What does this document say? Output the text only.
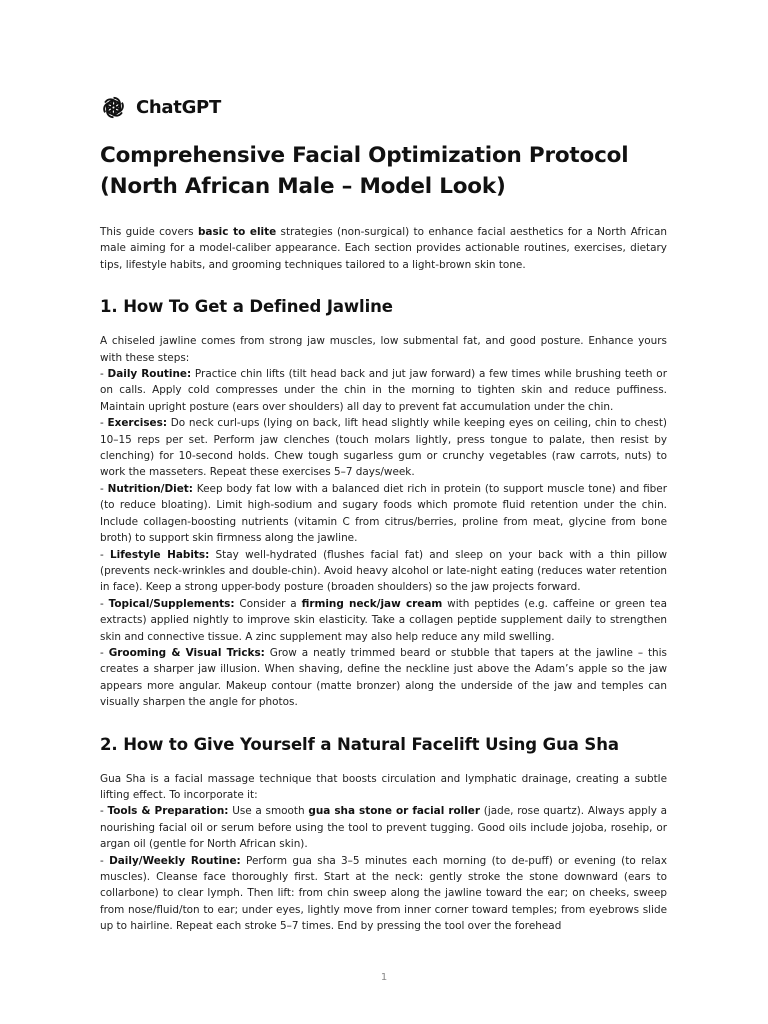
ChatGPT
Comprehensive Facial Optimization Protocol
(North African Male – Model Look)

This guide covers basic to elite strategies (non-surgical) to enhance facial aesthetics for a North African male aiming for a model-caliber appearance. Each section provides actionable routines, exercises, dietary tips, lifestyle habits, and grooming techniques tailored to a light-brown skin tone.

1. How To Get a Defined Jawline

A chiseled jawline comes from strong jaw muscles, low submental fat, and good posture. Enhance yours with these steps:

- Daily Routine: Practice chin lifts (tilt head back and jut jaw forward) a few times while brushing teeth or on calls. Apply cold compresses under the chin in the morning to tighten skin and reduce puffiness. Maintain upright posture (ears over shoulders) all day to prevent fat accumulation under the chin.

- Exercises: Do neck curl-ups (lying on back, lift head slightly while keeping eyes on ceiling, chin to chest) 10–15 reps per set. Perform jaw clenches (touch molars lightly, press tongue to palate, then resist by clenching) for 10-second holds. Chew tough sugarless gum or crunchy vegetables (raw carrots, nuts) to work the masseters. Repeat these exercises 5–7 days/week.

- Nutrition/Diet: Keep body fat low with a balanced diet rich in protein (to support muscle tone) and fiber (to reduce bloating). Limit high-sodium and sugary foods which promote fluid retention under the chin. Include collagen-boosting nutrients (vitamin C from citrus/berries, proline from meat, glycine from bone broth) to support skin firmness along the jawline.

- Lifestyle Habits: Stay well-hydrated (flushes facial fat) and sleep on your back with a thin pillow (prevents neck-wrinkles and double-chin). Avoid heavy alcohol or late-night eating (reduces water retention in face). Keep a strong upper-body posture (broaden shoulders) so the jaw projects forward.

- Topical/Supplements: Consider a firming neck/jaw cream with peptides (e.g. caffeine or green tea extracts) applied nightly to improve skin elasticity. Take a collagen peptide supplement daily to strengthen skin and connective tissue. A zinc supplement may also help reduce any mild swelling.

- Grooming & Visual Tricks: Grow a neatly trimmed beard or stubble that tapers at the jawline – this creates a sharper jaw illusion. When shaving, define the neckline just above the Adam’s apple so the jaw appears more angular. Makeup contour (matte bronzer) along the underside of the jaw and temples can visually sharpen the angle for photos.

2. How to Give Yourself a Natural Facelift Using Gua Sha

Gua Sha is a facial massage technique that boosts circulation and lymphatic drainage, creating a subtle lifting effect. To incorporate it:

- Tools & Preparation: Use a smooth gua sha stone or facial roller (jade, rose quartz). Always apply a nourishing facial oil or serum before using the tool to prevent tugging. Good oils include jojoba, rosehip, or argan oil (gentle for North African skin).

- Daily/Weekly Routine: Perform gua sha 3–5 minutes each morning (to de-puff) or evening (to relax muscles). Cleanse face thoroughly first. Start at the neck: gently stroke the stone downward (ears to collarbone) to clear lymph. Then lift: from chin sweep along the jawline toward the ear; on cheeks, sweep from nose/fluid/ton to ear; under eyes, lightly move from inner corner toward temples; from eyebrows slide up to hairline. Repeat each stroke 5–7 times. End by pressing the tool over the forehead

1
